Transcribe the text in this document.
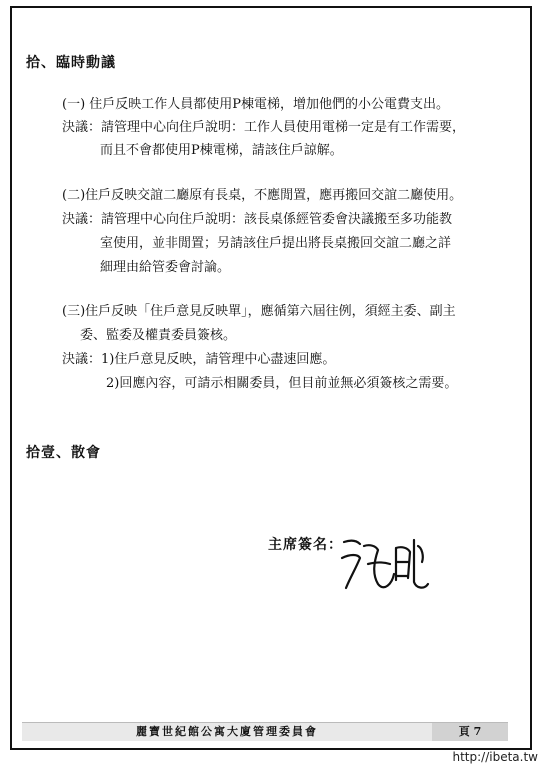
拾、臨時動議
(一) 住戶反映工作人員都使用P棟電梯，增加他們的小公電費支出。
決議：請管理中心向住戶說明：工作人員使用電梯一定是有工作需要，
而且不會都使用P棟電梯，請該住戶諒解。
(二)住戶反映交誼二廳原有長桌，不應閒置，應再搬回交誼二廳使用。
決議：請管理中心向住戶說明：該長桌係經管委會決議搬至多功能教
室使用，並非閒置；另請該住戶提出將長桌搬回交誼二廳之詳
細理由給管委會討論。
(三)住戶反映「住戶意見反映單」，應循第六屆往例，須經主委、副主
委、監委及權責委員簽核。
決議：1)住戶意見反映，請管理中心盡速回應。
2)回應內容，可請示相關委員，但目前並無必須簽核之需要。
拾壹、散會
主席簽名：
麗寶世紀館公寓大廈管理委員會	頁 7
http://ibeta.tw
